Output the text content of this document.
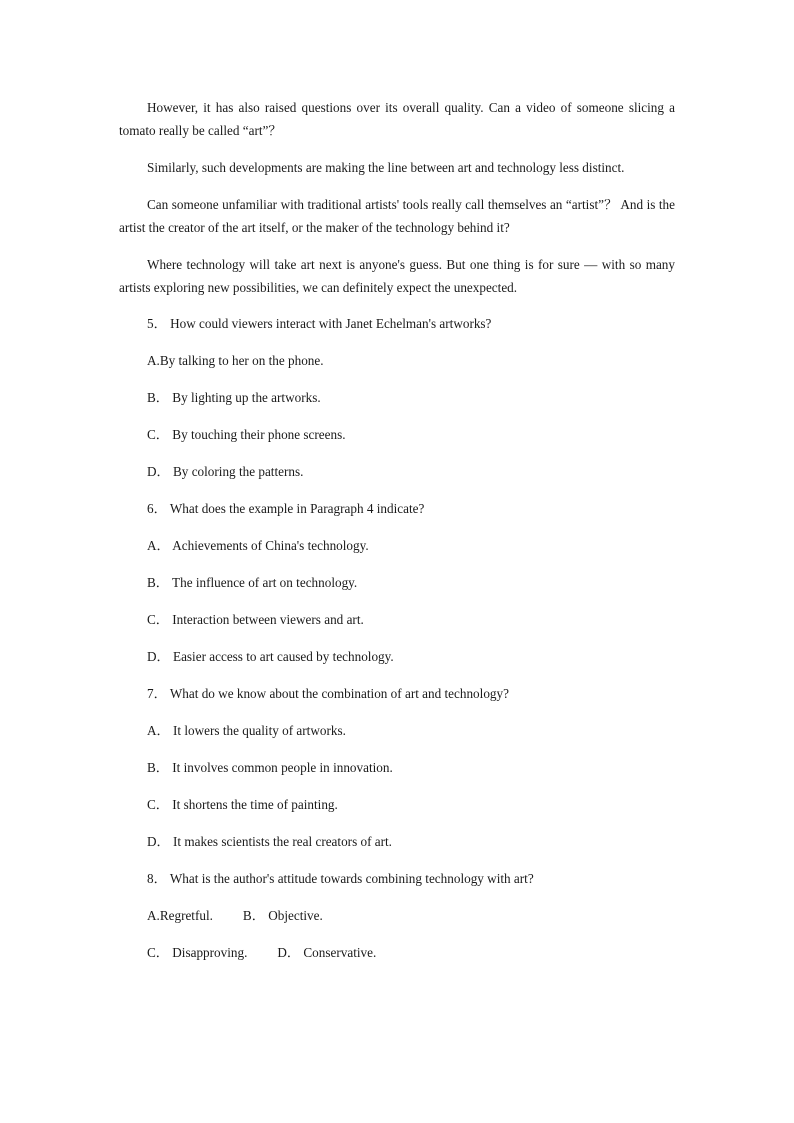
However, it has also raised questions over its overall quality. Can a video of someone slicing a tomato really be called “art”？

Similarly, such developments are making the line between art and technology less distinct.

Can someone unfamiliar with traditional artists' tools really call themselves an “artist”？ And is the artist the creator of the art itself, or the maker of the technology behind it?

Where technology will take art next is anyone's guess. But one thing is for sure — with so many artists exploring new possibilities, we can definitely expect the unexpected.

5． How could viewers interact with Janet Echelman's artworks?
A.By talking to her on the phone.
B． By lighting up the artworks.
C． By touching their phone screens.
D． By coloring the patterns.
6． What does the example in Paragraph 4 indicate?
A． Achievements of China's technology.
B． The influence of art on technology.
C． Interaction between viewers and art.
D． Easier access to art caused by technology.
7． What do we know about the combination of art and technology?
A． It lowers the quality of artworks.
B． It involves common people in innovation.
C． It shortens the time of painting.
D． It makes scientists the real creators of art.
8． What is the author's attitude towards combining technology with art?
A.Regretful. B． Objective.
C． Disapproving. D． Conservative.
